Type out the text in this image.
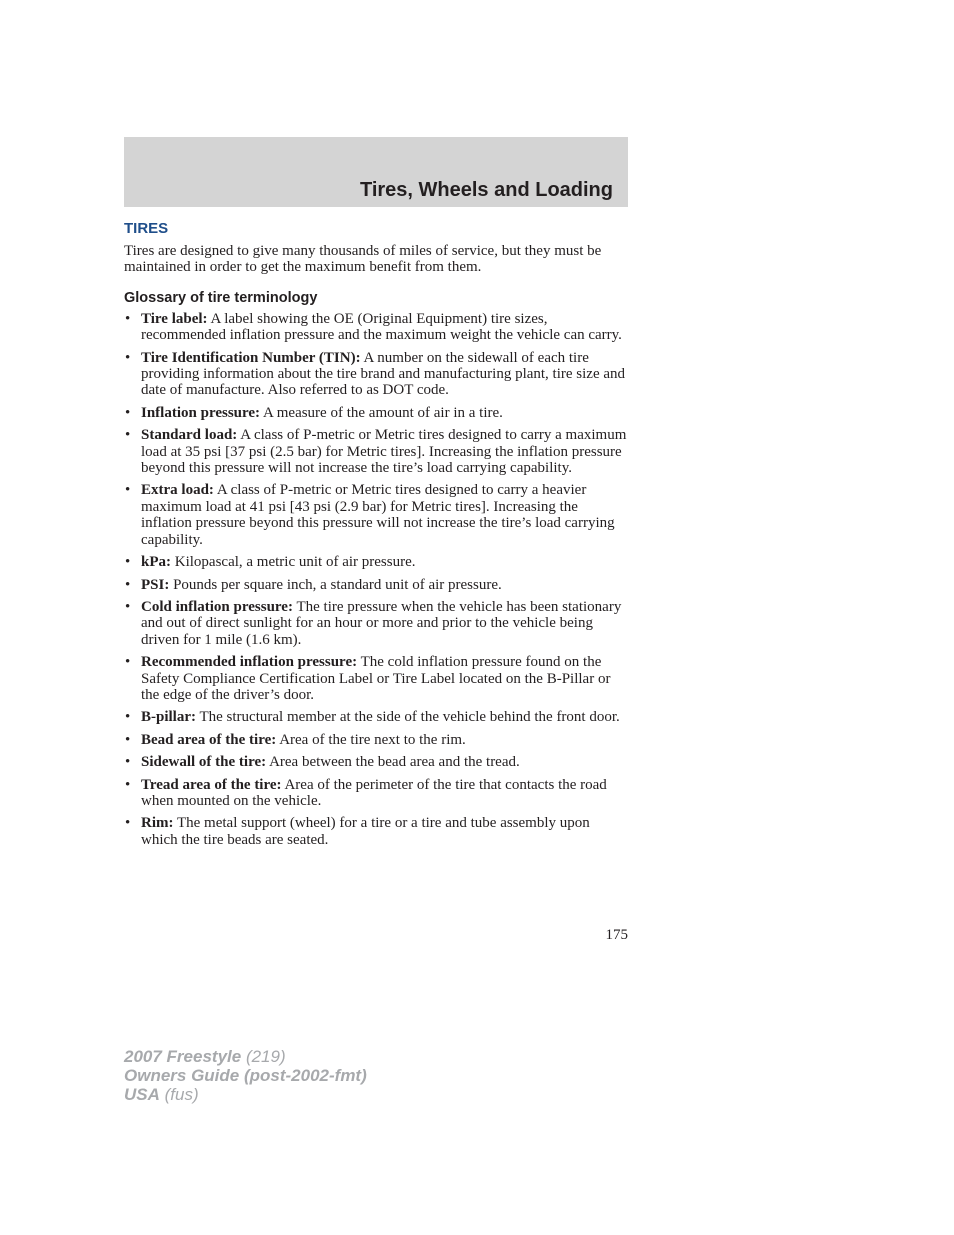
Tires, Wheels and Loading
TIRES

Tires are designed to give many thousands of miles of service, but they must be maintained in order to get the maximum benefit from them.

Glossary of tire terminology
• Tire label: A label showing the OE (Original Equipment) tire sizes, recommended inflation pressure and the maximum weight the vehicle can carry.
• Tire Identification Number (TIN): A number on the sidewall of each tire providing information about the tire brand and manufacturing plant, tire size and date of manufacture. Also referred to as DOT code.
• Inflation pressure: A measure of the amount of air in a tire.
• Standard load: A class of P-metric or Metric tires designed to carry a maximum load at 35 psi [37 psi (2.5 bar) for Metric tires]. Increasing the inflation pressure beyond this pressure will not increase the tire’s load carrying capability.
• Extra load: A class of P-metric or Metric tires designed to carry a heavier maximum load at 41 psi [43 psi (2.9 bar) for Metric tires]. Increasing the inflation pressure beyond this pressure will not increase the tire’s load carrying capability.
• kPa: Kilopascal, a metric unit of air pressure.
• PSI: Pounds per square inch, a standard unit of air pressure.
• Cold inflation pressure: The tire pressure when the vehicle has been stationary and out of direct sunlight for an hour or more and prior to the vehicle being driven for 1 mile (1.6 km).
• Recommended inflation pressure: The cold inflation pressure found on the Safety Compliance Certification Label or Tire Label located on the B-Pillar or the edge of the driver’s door.
• B-pillar: The structural member at the side of the vehicle behind the front door.
• Bead area of the tire: Area of the tire next to the rim.
• Sidewall of the tire: Area between the bead area and the tread.
• Tread area of the tire: Area of the perimeter of the tire that contacts the road when mounted on the vehicle.
• Rim: The metal support (wheel) for a tire or a tire and tube assembly upon which the tire beads are seated.

175

2007 Freestyle (219)
Owners Guide (post-2002-fmt)
USA (fus)
